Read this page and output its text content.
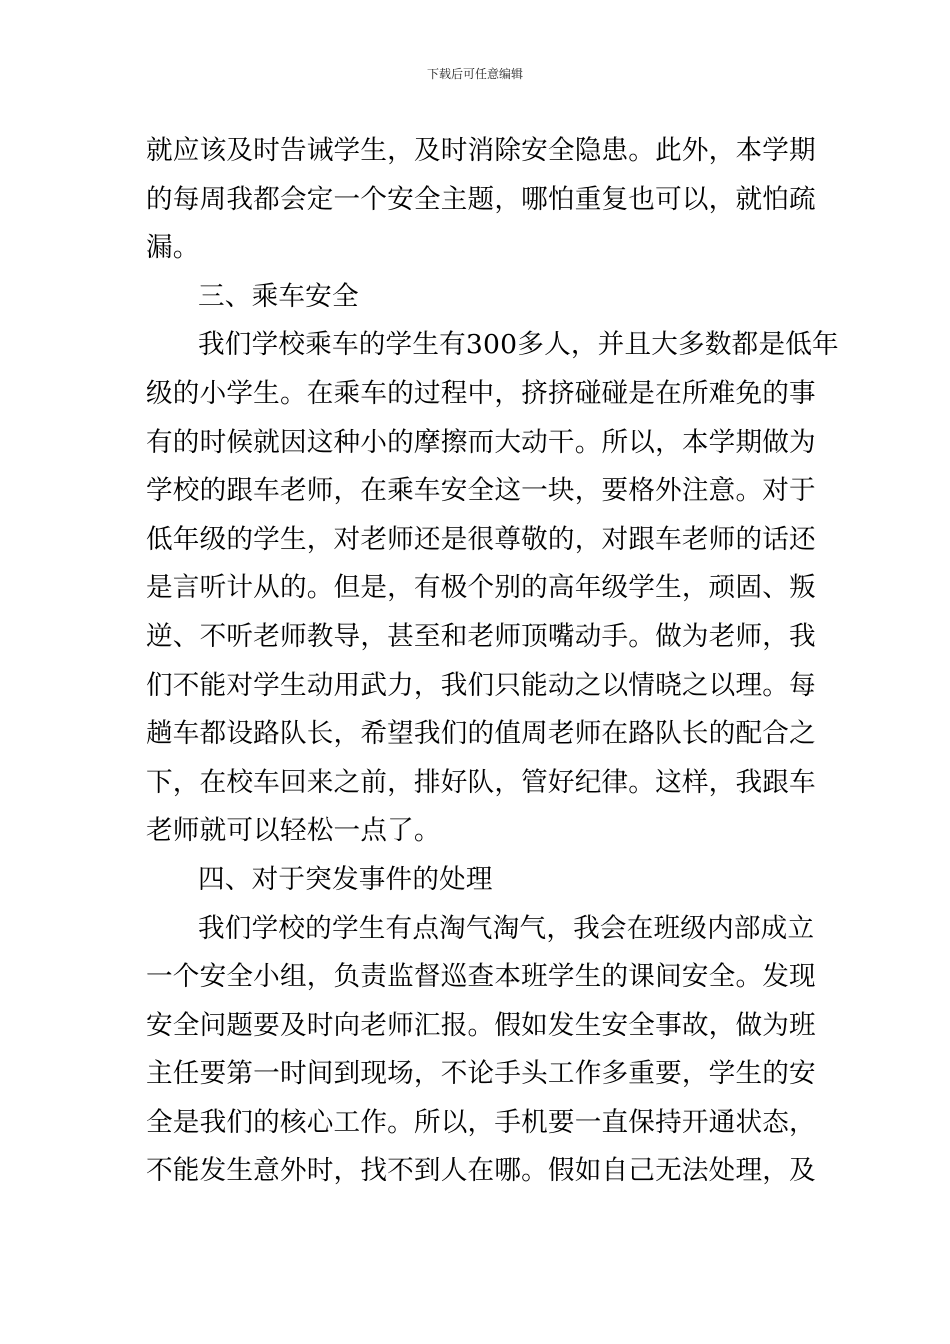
下载后可任意编辑
就应该及时告诫学生，及时消除安全隐患。此外，本学期
的每周我都会定一个安全主题，哪怕重复也可以，就怕疏
漏。
三、乘车安全
我们学校乘车的学生有300多人，并且大多数都是低年
级的小学生。在乘车的过程中，挤挤碰碰是在所难免的事
有的时候就因这种小的摩擦而大动干。所以，本学期做为
学校的跟车老师，在乘车安全这一块，要格外注意。对于
低年级的学生，对老师还是很尊敬的，对跟车老师的话还
是言听计从的。但是，有极个别的高年级学生，顽固、叛
逆、不听老师教导，甚至和老师顶嘴动手。做为老师，我
们不能对学生动用武力，我们只能动之以情晓之以理。每
趟车都设路队长，希望我们的值周老师在路队长的配合之
下，在校车回来之前，排好队，管好纪律。这样，我跟车
老师就可以轻松一点了。
四、对于突发事件的处理
我们学校的学生有点淘气淘气，我会在班级内部成立
一个安全小组，负责监督巡查本班学生的课间安全。发现
安全问题要及时向老师汇报。假如发生安全事故，做为班
主任要第一时间到现场，不论手头工作多重要，学生的安
全是我们的核心工作。所以，手机要一直保持开通状态，
不能发生意外时，找不到人在哪。假如自己无法处理，及
